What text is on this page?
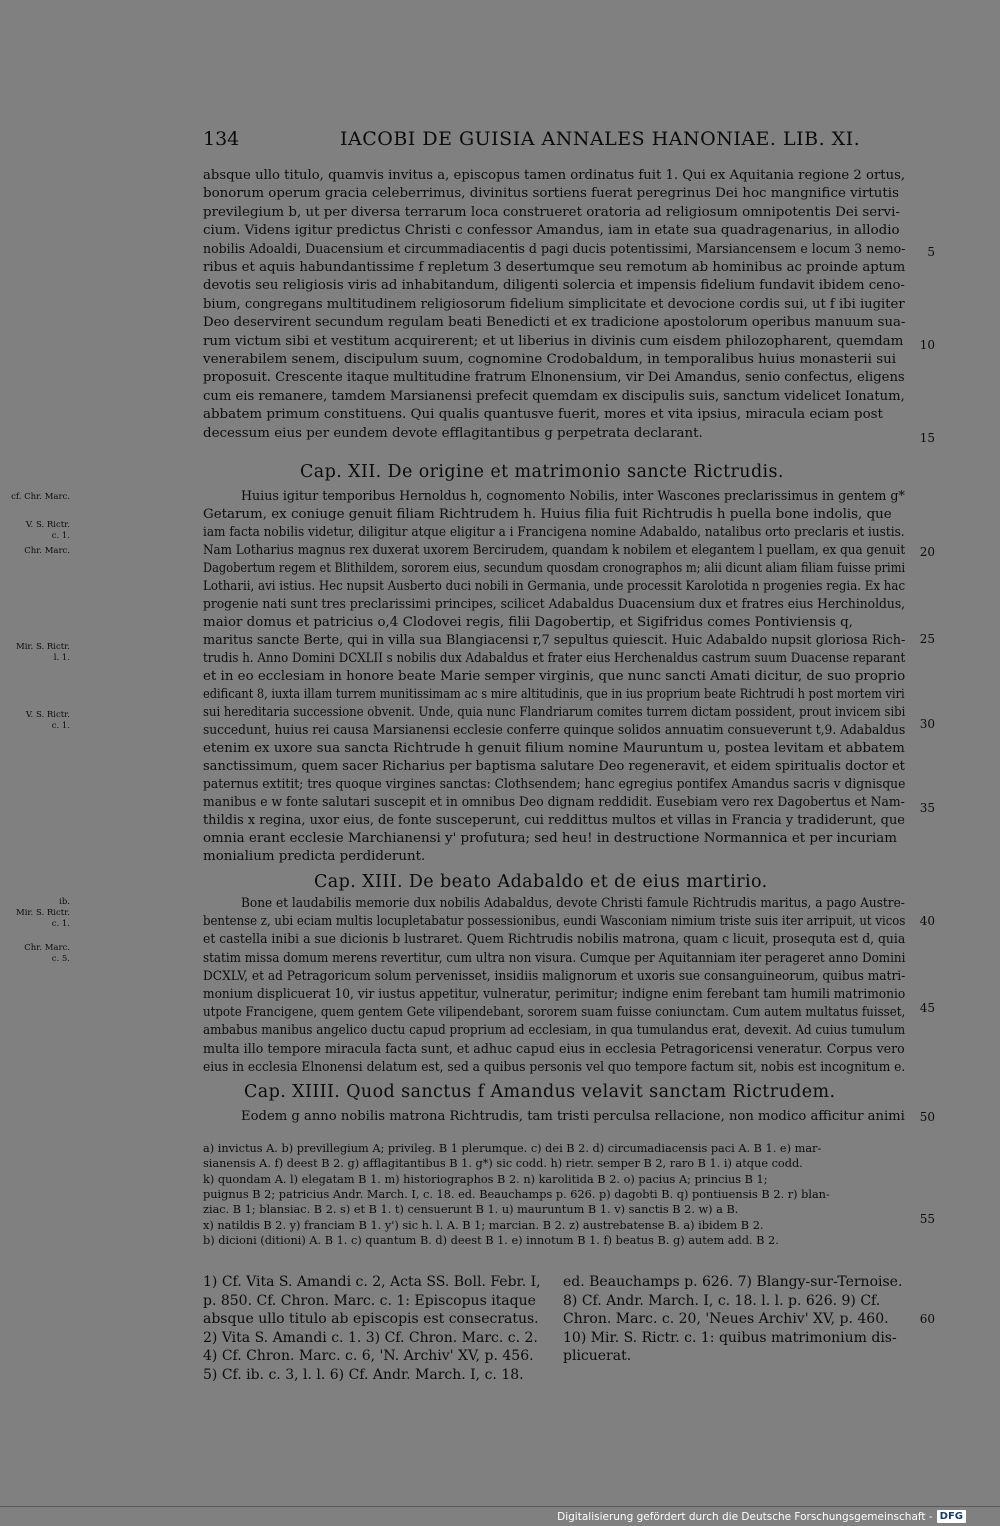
134	IACOBI DE GUISIA ANNALES HANONIAE. LIB. XI.
absque ullo titulo, quamvis invitus a, episcopus tamen ordinatus fuit 1. Qui ex Aquitania regione 2 ortus,
bonorum operum gracia celeberrimus, divinitus sortiens fuerat peregrinus Dei hoc mangnifice virtutis
previlegium b, ut per diversa terrarum loca construeret oratoria ad religiosum omnipotentis Dei servi-
cium. Videns igitur predictus Christi c confessor Amandus, iam in etate sua quadragenarius, in allodio
nobilis Adoaldi, Duacensium et circummadiacentis d pagi ducis potentissimi, Marsiancensem e locum 3 nemo-
ribus et aquis habundantissime f repletum 3 desertumque seu remotum ab hominibus ac proinde aptum
devotis seu religiosis viris ad inhabitandum, diligenti solercia et impensis fidelium fundavit ibidem ceno-
bium, congregans multitudinem religiosorum fidelium simplicitate et devocione cordis sui, ut f ibi iugiter
Deo deservirent secundum regulam beati Benedicti et ex tradicione apostolorum operibus manuum sua-
rum victum sibi et vestitum acquirerent; et ut liberius in divinis cum eisdem philozopharent, quemdam
venerabilem senem, discipulum suum, cognomine Crodobaldum, in temporalibus huius monasterii sui
proposuit. Crescente itaque multitudine fratrum Elnonensium, vir Dei Amandus, senio confectus, eligens
cum eis remanere, tamdem Marsianensi prefecit quemdam ex discipulis suis, sanctum videlicet Ionatum,
abbatem primum constituens. Qui qualis quantusve fuerit, mores et vita ipsius, miracula eciam post
decessum eius per eundem devote efflagitantibus g perpetrata declarant.
Cap. XII. De origine et matrimonio sancte Rictrudis.
Huius igitur temporibus Hernoldus h, cognomento Nobilis, inter Wascones preclarissimus in gentem g*
Getarum, ex coniuge genuit filiam Richtrudem h. Huius filia fuit Richtrudis h puella bone indolis, que
iam facta nobilis videtur, diligitur atque eligitur a i Francigena nomine Adabaldo, natalibus orto preclaris et iustis.
Nam Lotharius magnus rex duxerat uxorem Bercirudem, quandam k nobilem et elegantem l puellam, ex qua genuit
Dagobertum regem et Blithildem, sororem eius, secundum quosdam cronographos m; alii dicunt aliam filiam fuisse primi
Lotharii, avi istius. Hec nupsit Ausberto duci nobili in Germania, unde processit Karolotida n progenies regia. Ex hac
progenie nati sunt tres preclarissimi principes, scilicet Adabaldus Duacensium dux et fratres eius Herchinoldus,
maior domus et patricius o,4 Clodovei regis, filii Dagobertip, et Sigifridus comes Pontiviensis q,
maritus sancte Berte, qui in villa sua Blangiacensi r,7 sepultus quiescit. Huic Adabaldo nupsit gloriosa Rich-
trudis h. Anno Domini DCXLII s nobilis dux Adabaldus et frater eius Herchenaldus castrum suum Duacense reparant
et in eo ecclesiam in honore beate Marie semper virginis, que nunc sancti Amati dicitur, de suo proprio
edificant 8, iuxta illam turrem munitissimam ac s mire altitudinis, que in ius proprium beate Richtrudi h post mortem viri
sui hereditaria successione obvenit. Unde, quia nunc Flandriarum comites turrem dictam possident, prout invicem sibi
succedunt, huius rei causa Marsianensi ecclesie conferre quinque solidos annuatim consueverunt t,9. Adabaldus
etenim ex uxore sua sancta Richtrude h genuit filium nomine Mauruntum u, postea levitam et abbatem
sanctissimum, quem sacer Richarius per baptisma salutare Deo regeneravit, et eidem spiritualis doctor et
paternus extitit; tres quoque virgines sanctas: Clothsendem; hanc egregius pontifex Amandus sacris v dignisque
manibus e w fonte salutari suscepit et in omnibus Deo dignam reddidit. Eusebiam vero rex Dagobertus et Nam-
thildis x regina, uxor eius, de fonte susceperunt, cui reddittus multos et villas in Francia y tradiderunt, que
omnia erant ecclesie Marchianensi y' profutura; sed heu! in destructione Normannica et per incuriam
monialium predicta perdiderunt.
Cap. XIII. De beato Adabaldo et de eius martirio.
Bone et laudabilis memorie dux nobilis Adabaldus, devote Christi famule Richtrudis maritus, a pago Austre-
bentense z, ubi eciam multis locupletabatur possessionibus, eundi Wasconiam nimium triste suis iter arripuit, ut vicos
et castella inibi a sue dicionis b lustraret. Quem Richtrudis nobilis matrona, quam c licuit, prosequta est d, quia
statim missa domum merens revertitur, cum ultra non visura. Cumque per Aquitanniam iter perageret anno Domini
DCXLV, et ad Petragoricum solum pervenisset, insidiis malignorum et uxoris sue consanguineorum, quibus matri-
monium displicuerat 10, vir iustus appetitur, vulneratur, perimitur; indigne enim ferebant tam humili matrimonio
utpote Francigene, quem gentem Gete vilipendebant, sororem suam fuisse coniunctam. Cum autem multatus fuisset,
ambabus manibus angelico ductu capud proprium ad ecclesiam, in qua tumulandus erat, devexit. Ad cuius tumulum
multa illo tempore miracula facta sunt, et adhuc capud eius in ecclesia Petragoricensi veneratur. Corpus vero
eius in ecclesia Elnonensi delatum est, sed a quibus personis vel quo tempore factum sit, nobis est incognitum e.
Cap. XIIII. Quod sanctus f Amandus velavit sanctam Rictrudem.
Eodem g anno nobilis matrona Richtrudis, tam tristi perculsa rellacione, non modico afficitur animi
cf. Chr. Marc.
V. S. Rictr.
c. 1.
Chr. Marc.
Mir. S. Rictr.
l. 1.
V. S. Rictr.
c. 1.
ib.
Mir. S. Rictr.
c. 1.
Chr. Marc.
c. 5.
5
10
15
20
25
30
35
40
45
50
55
60
a) invictus A. b) previllegium A; privileg. B 1 plerumque. c) dei B 2. d) circumadiacensis paci A. B 1. e) mar-
sianensis A. f) deest B 2. g) afflagitantibus B 1. g*) sic codd. h) rietr. semper B 2, raro B 1. i) atque codd.
k) quondam A. l) elegatam B 1. m) historiographos B 2. n) karolitida B 2. o) pacius A; princius B 1;
puignus B 2; patricius Andr. March. I, c. 18. ed. Beauchamps p. 626. p) dagobti B. q) pontiuensis B 2. r) blan-
ziac. B 1; blansiac. B 2. s) et B 1. t) censuerunt B 1. u) mauruntum B 1. v) sanctis B 2. w) a B.
x) natildis B 2. y) franciam B 1. y') sic h. l. A. B 1; marcian. B 2. z) austrebatense B. a) ibidem B 2.
b) dicioni (ditioni) A. B 1. c) quantum B. d) deest B 1. e) innotum B 1. f) beatus B. g) autem add. B 2.
1) Cf. Vita S. Amandi c. 2, Acta SS. Boll. Febr. I,
p. 850. Cf. Chron. Marc. c. 1: Episcopus itaque
absque ullo titulo ab episcopis est consecratus.
2) Vita S. Amandi c. 1. 3) Cf. Chron. Marc. c. 2.
4) Cf. Chron. Marc. c. 6, 'N. Archiv' XV, p. 456.
5) Cf. ib. c. 3, l. l. 6) Cf. Andr. March. I, c. 18.
ed. Beauchamps p. 626. 7) Blangy-sur-Ternoise.
8) Cf. Andr. March. I, c. 18. l. l. p. 626. 9) Cf.
Chron. Marc. c. 20, 'Neues Archiv' XV, p. 460.
10) Mir. S. Rictr. c. 1: quibus matrimonium dis-
plicuerat.
Digitalisierung gefördert durch die Deutsche Forschungsgemeinschaft - DFG
